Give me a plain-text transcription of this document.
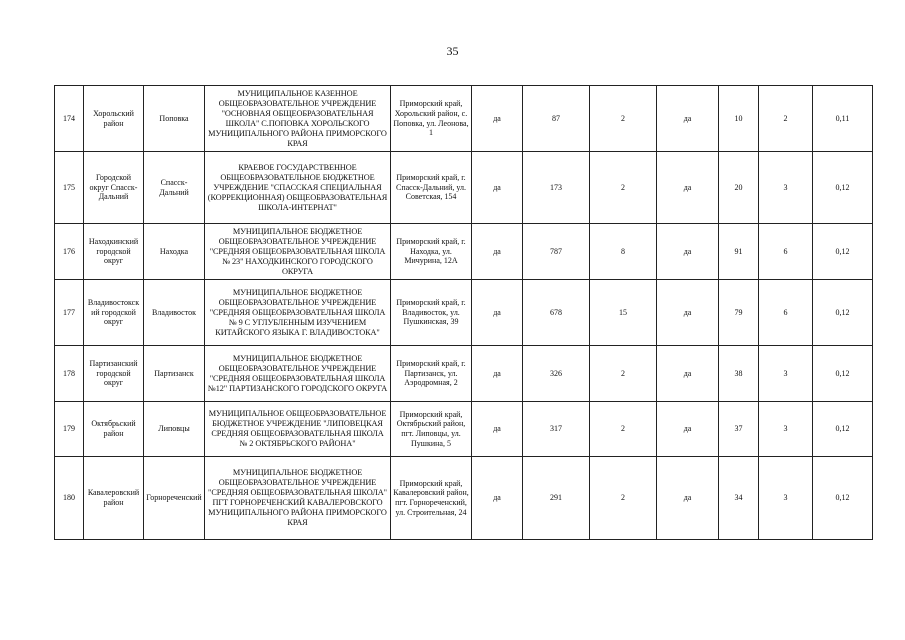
35
174	Хорольский район	Поповка	МУНИЦИПАЛЬНОЕ КАЗЕННОЕ ОБЩЕОБРАЗОВАТЕЛЬНОЕ УЧРЕЖДЕНИЕ "ОСНОВНАЯ ОБЩЕОБРАЗОВАТЕЛЬНАЯ ШКОЛА" С.ПОПОВКА ХОРОЛЬСКОГО МУНИЦИПАЛЬНОГО РАЙОНА ПРИМОРСКОГО КРАЯ	Приморский край, Хорольский район, с. Поповка, ул. Леонова, 1	да	87	2	да	10	2	0,11
175	Городской округ Спасск-Дальний	Спасск-Дальний	КРАЕВОЕ ГОСУДАРСТВЕННОЕ ОБЩЕОБРАЗОВАТЕЛЬНОЕ БЮДЖЕТНОЕ УЧРЕЖДЕНИЕ "СПАССКАЯ СПЕЦИАЛЬНАЯ (КОРРЕКЦИОННАЯ) ОБЩЕОБРАЗОВАТЕЛЬНАЯ ШКОЛА-ИНТЕРНАТ"	Приморский край, г. Спасск-Дальний, ул. Советская, 154	да	173	2	да	20	3	0,12
176	Находкинский городской округ	Находка	МУНИЦИПАЛЬНОЕ БЮДЖЕТНОЕ ОБЩЕОБРАЗОВАТЕЛЬНОЕ УЧРЕЖДЕНИЕ "СРЕДНЯЯ ОБЩЕОБРАЗОВАТЕЛЬНАЯ ШКОЛА № 23" НАХОДКИНСКОГО ГОРОДСКОГО ОКРУГА	Приморский край, г. Находка, ул. Мичурина, 12А	да	787	8	да	91	6	0,12
177	Владивостокский городской округ	Владивосток	МУНИЦИПАЛЬНОЕ БЮДЖЕТНОЕ ОБЩЕОБРАЗОВАТЕЛЬНОЕ УЧРЕЖДЕНИЕ "СРЕДНЯЯ ОБЩЕОБРАЗОВАТЕЛЬНАЯ ШКОЛА № 9 С УГЛУБЛЕННЫМ ИЗУЧЕНИЕМ КИТАЙСКОГО ЯЗЫКА Г. ВЛАДИВОСТОКА"	Приморский край, г. Владивосток, ул. Пушкинская, 39	да	678	15	да	79	6	0,12
178	Партизанский городской округ	Партизанск	МУНИЦИПАЛЬНОЕ БЮДЖЕТНОЕ ОБЩЕОБРАЗОВАТЕЛЬНОЕ УЧРЕЖДЕНИЕ "СРЕДНЯЯ ОБЩЕОБРАЗОВАТЕЛЬНАЯ ШКОЛА №12" ПАРТИЗАНСКОГО ГОРОДСКОГО ОКРУГА	Приморский край, г. Партизанск, ул. Аэродромная, 2	да	326	2	да	38	3	0,12
179	Октябрьский район	Липовцы	МУНИЦИПАЛЬНОЕ ОБЩЕОБРАЗОВАТЕЛЬНОЕ БЮДЖЕТНОЕ УЧРЕЖДЕНИЕ "ЛИПОВЕЦКАЯ СРЕДНЯЯ ОБЩЕОБРАЗОВАТЕЛЬНАЯ ШКОЛА № 2 ОКТЯБРЬСКОГО РАЙОНА"	Приморский край, Октябрьский район, пгт. Липовцы, ул. Пушкина, 5	да	317	2	да	37	3	0,12
180	Кавалеровский район	Горнореченский	МУНИЦИПАЛЬНОЕ БЮДЖЕТНОЕ ОБЩЕОБРАЗОВАТЕЛЬНОЕ УЧРЕЖДЕНИЕ "СРЕДНЯЯ ОБЩЕОБРАЗОВАТЕЛЬНАЯ ШКОЛА" ПГТ ГОРНОРЕЧЕНСКИЙ КАВАЛЕРОВСКОГО МУНИЦИПАЛЬНОГО РАЙОНА ПРИМОРСКОГО КРАЯ	Приморский край, Кавалеровский район, пгт. Горнореченский, ул. Строительная, 24	да	291	2	да	34	3	0,12
